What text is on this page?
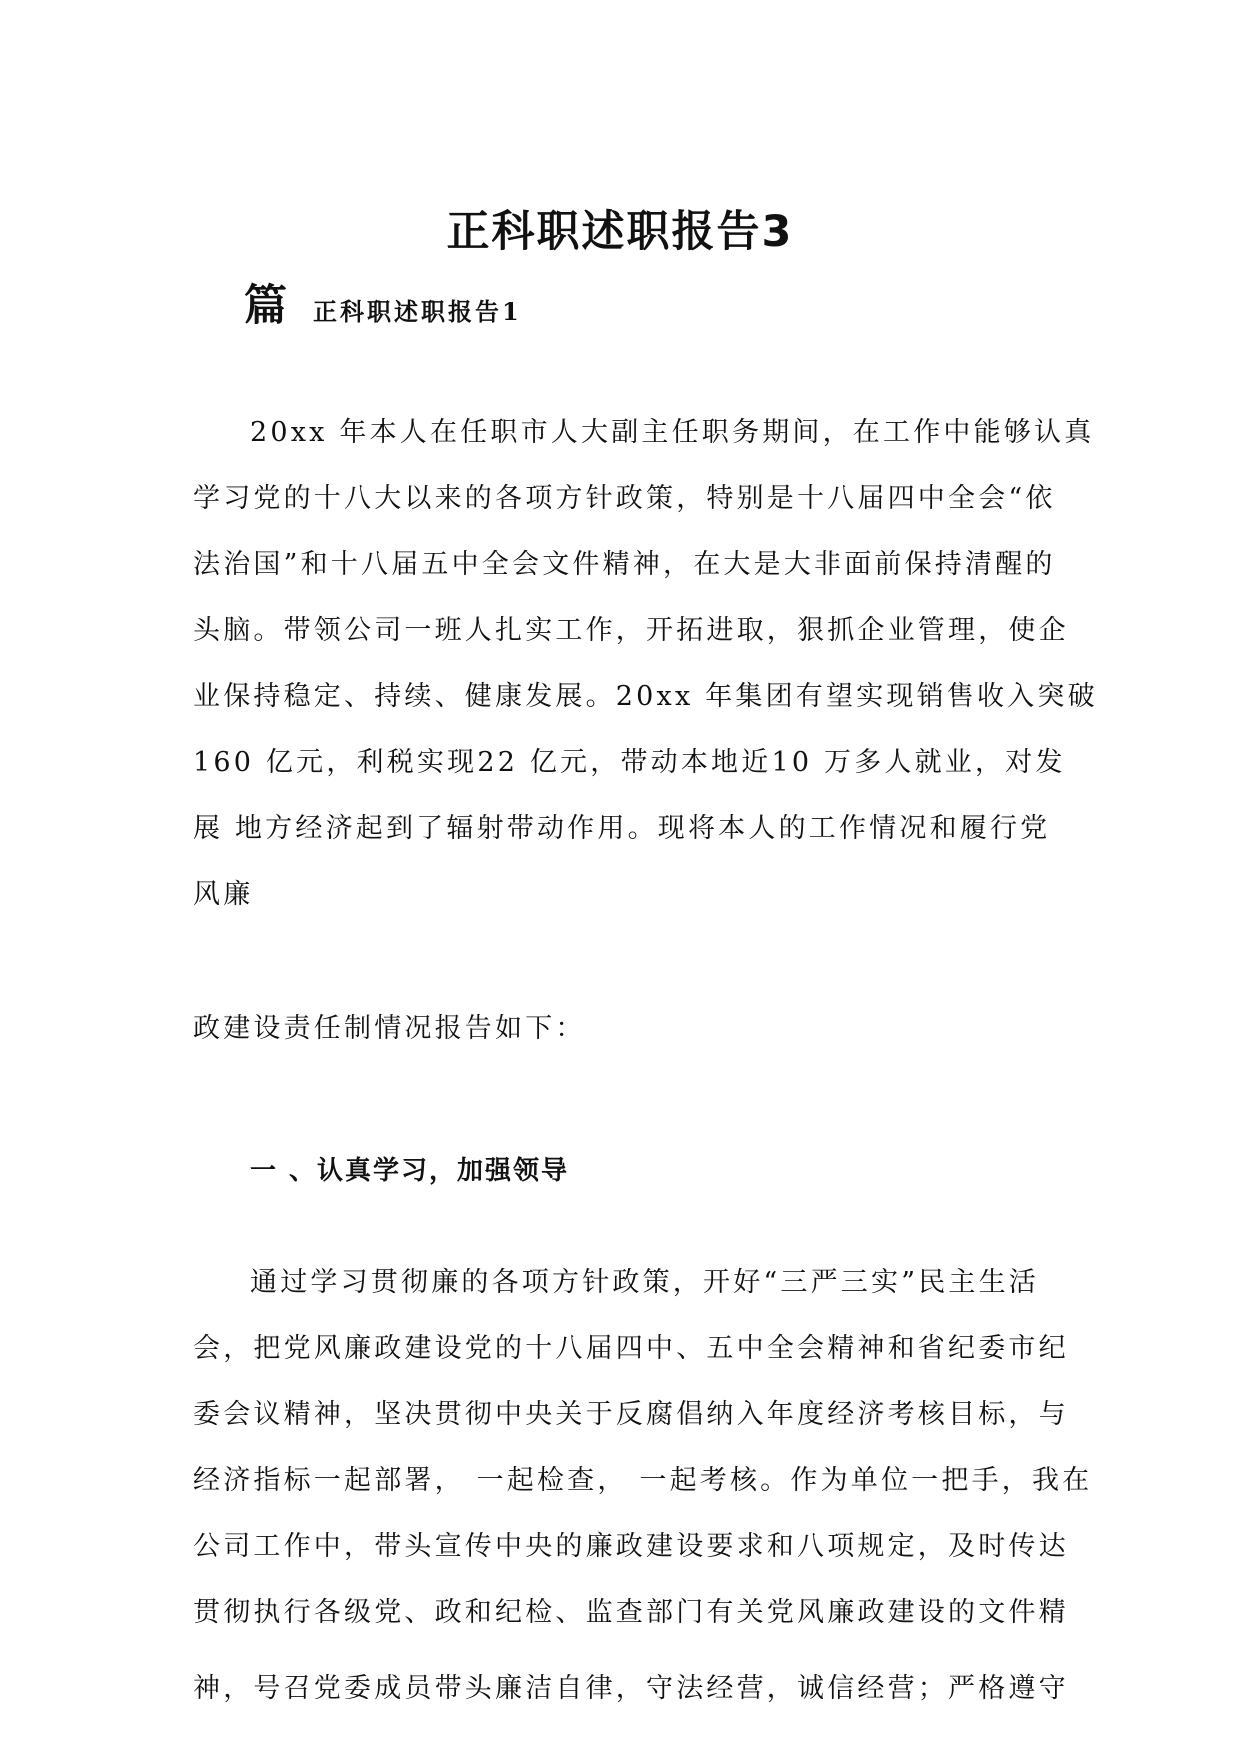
正科职述职报告3
篇 正科职述职报告1
20xx 年本人在任职市人大副主任职务期间，在工作中能够认真
学习党的十八大以来的各项方针政策，特别是十八届四中全会“依
法治国”和十八届五中全会文件精神，在大是大非面前保持清醒的
头脑。带领公司一班人扎实工作，开拓进取，狠抓企业管理，使企
业保持稳定、持续、健康发展。20xx 年集团有望实现销售收入突破
160 亿元，利税实现22 亿元，带动本地近10 万多人就业，对发
展 地方经济起到了辐射带动作用。现将本人的工作情况和履行党
风廉
政建设责任制情况报告如下：
一 、认真学习，加强领导
通过学习贯彻廉的各项方针政策，开好“三严三实”民主生活
会，把党风廉政建设党的十八届四中、五中全会精神和省纪委市纪
委会议精神，坚决贯彻中央关于反腐倡纳入年度经济考核目标，与
经济指标一起部署， 一起检查， 一起考核。作为单位一把手，我在
公司工作中，带头宣传中央的廉政建设要求和八项规定，及时传达
贯彻执行各级党、政和纪检、监查部门有关党风廉政建设的文件精
神，号召党委成员带头廉洁自律，守法经营，诚信经营；严格遵守
